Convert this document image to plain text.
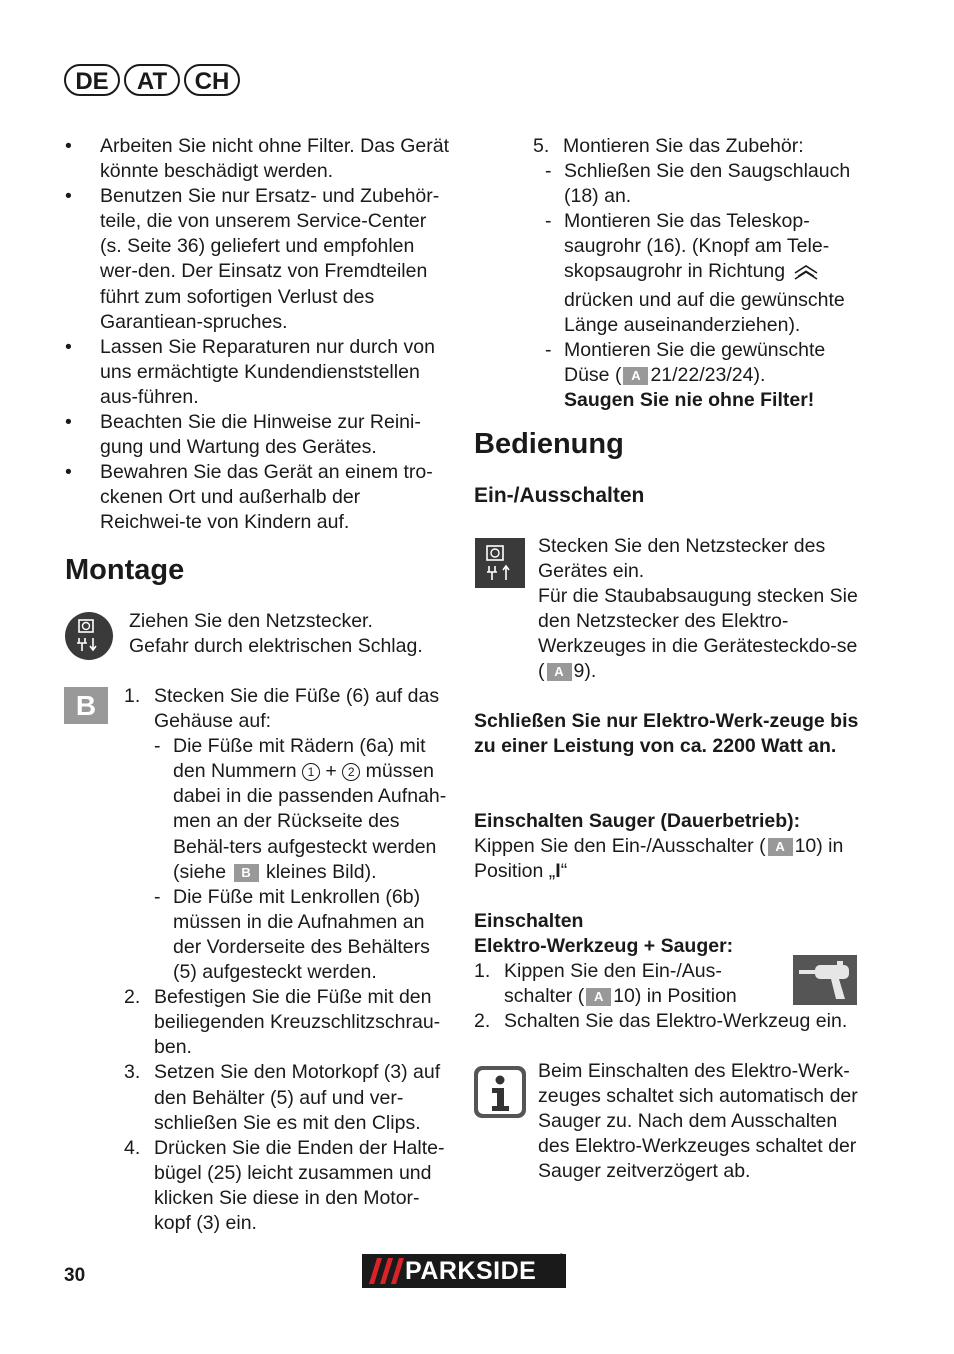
DE	AT	CH
• Arbeiten Sie nicht ohne Filter. Das Gerät könnte beschädigt werden.
• Benutzen Sie nur Ersatz- und Zubehör-teile, die von unserem Service-Center (s. Seite 36) geliefert und empfohlen wer-den. Der Einsatz von Fremdteilen führt zum sofortigen Verlust des Garantiean-spruches.
• Lassen Sie Reparaturen nur durch von uns ermächtigte Kundendienststellen aus-führen.
• Beachten Sie die Hinweise zur Reini-gung und Wartung des Gerätes.
• Bewahren Sie das Gerät an einem tro-ckenen Ort und außerhalb der Reichwei-te von Kindern auf.
Montage
Ziehen Sie den Netzstecker.
Gefahr durch elektrischen Schlag.
B	1. Stecken Sie die Füße (6) auf das Gehäuse auf:
- Die Füße mit Rädern (6a) mit den Nummern 1 + 2 müssen dabei in die passenden Aufnah-men an der Rückseite des Behäl-ters aufgesteckt werden (siehe B kleines Bild).
- Die Füße mit Lenkrollen (6b) müssen in die Aufnahmen an der Vorderseite des Behälters (5) aufgesteckt werden.
2. Befestigen Sie die Füße mit den beiliegenden Kreuzschlitzschrau-ben.
3. Setzen Sie den Motorkopf (3) auf den Behälter (5) auf und ver-schließen Sie es mit den Clips.
4. Drücken Sie die Enden der Halte-bügel (25) leicht zusammen und klicken Sie diese in den Motor-kopf (3) ein.
5. Montieren Sie das Zubehör:
- Schließen Sie den Saugschlauch (18) an.
- Montieren Sie das Teleskop-saugrohr (16). (Knopf am Tele-skopsaugrohr in Richtung drücken und auf die gewünschte Länge auseinanderziehen).
- Montieren Sie die gewünschte Düse ( A 21/22/23/24).
Saugen Sie nie ohne Filter!
Bedienung
Ein-/Ausschalten
Stecken Sie den Netzstecker des Gerätes ein.
Für die Staubabsaugung stecken Sie den Netzstecker des Elektro-Werkzeuges in die Gerätesteckdo-se ( A 9).
Schließen Sie nur Elektro-Werk-zeuge bis zu einer Leistung von ca. 2200 Watt an.
Einschalten Sauger (Dauerbetrieb):
Kippen Sie den Ein-/Ausschalter ( A 10) in Position „I“
Einschalten
Elektro-Werkzeug + Sauger:
1. Kippen Sie den Ein-/Aus-schalter ( A 10) in Position
2. Schalten Sie das Elektro-Werkzeug ein.
Beim Einschalten des Elektro-Werk-zeuges schaltet sich automatisch der Sauger zu. Nach dem Ausschalten des Elektro-Werkzeuges schaltet der Sauger zeitverzögert ab.
30	PARKSIDE ®
